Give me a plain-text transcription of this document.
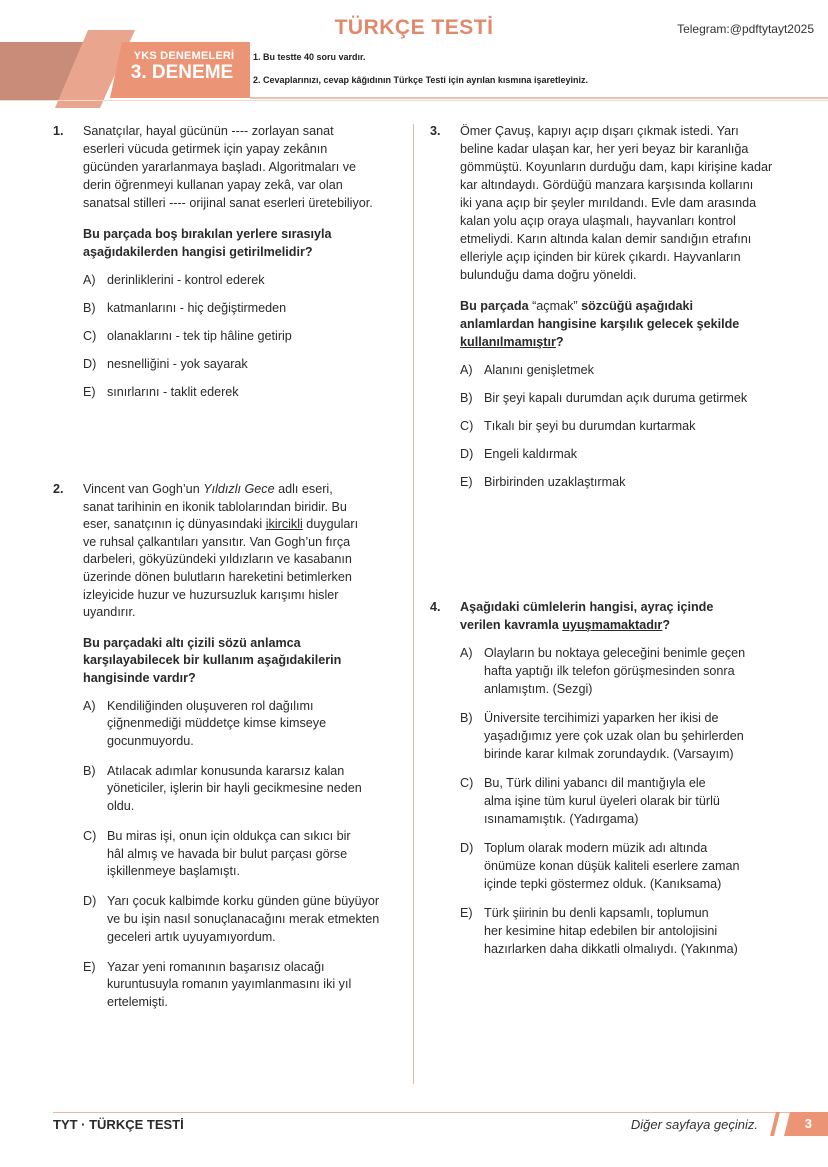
TÜRKÇE TESTİ	Telegram:@pdftytayt2025
YKS DENEMELERİ
3. DENEME
1. Bu testte 40 soru vardır.
2. Cevaplarınızı, cevap kâğıdının Türkçe Testi için ayrılan kısmına işaretleyiniz.
1. Sanatçılar, hayal gücünün ---- zorlayan sanat
eserleri vücuda getirmek için yapay zekânın
gücünden yararlanmaya başladı. Algoritmaları ve
derin öğrenmeyi kullanan yapay zekâ, var olan
sanatsal stilleri ---- orijinal sanat eserleri üretebiliyor.
Bu parçada boş bırakılan yerlere sırasıyla
aşağıdakilerden hangisi getirilmelidir?
A) derinliklerini - kontrol ederek
B) katmanlarını - hiç değiştirmeden
C) olanaklarını - tek tip hâline getirip
D) nesnelliğini - yok sayarak
E) sınırlarını - taklit ederek
2. Vincent van Gogh’un Yıldızlı Gece adlı eseri,
sanat tarihinin en ikonik tablolarından biridir. Bu
eser, sanatçının iç dünyasındaki ikircikli duyguları
ve ruhsal çalkantıları yansıtır. Van Gogh’un fırça
darbeleri, gökyüzündeki yıldızların ve kasabanın
üzerinde dönen bulutların hareketini betimlerken
izleyicide huzur ve huzursuzluk karışımı hisler
uyandırır.
Bu parçadaki altı çizili sözü anlamca
karşılayabilecek bir kullanım aşağıdakilerin
hangisinde vardır?
A) Kendiliğinden oluşuveren rol dağılımı
çiğnenmediği müddetçe kimse kimseye
gocunmuyordu.
B) Atılacak adımlar konusunda kararsız kalan
yöneticiler, işlerin bir hayli gecikmesine neden
oldu.
C) Bu miras işi, onun için oldukça can sıkıcı bir
hâl almış ve havada bir bulut parçası görse
işkillenmeye başlamıştı.
D) Yarı çocuk kalbimde korku günden güne büyüyor
ve bu işin nasıl sonuçlanacağını merak etmekten
geceleri artık uyuyamıyordum.
E) Yazar yeni romanının başarısız olacağı
kuruntusuyla romanın yayımlanmasını iki yıl
ertelemişti.
3. Ömer Çavuş, kapıyı açıp dışarı çıkmak istedi. Yarı
beline kadar ulaşan kar, her yeri beyaz bir karanlığa
gömmüştü. Koyunların durduğu dam, kapı kirişine kadar
kar altındaydı. Gördüğü manzara karşısında kollarını
iki yana açıp bir şeyler mırıldandı. Evle dam arasında
kalan yolu açıp oraya ulaşmalı, hayvanları kontrol
etmeliydi. Karın altında kalan demir sandığın etrafını
elleriyle açıp içinden bir kürek çıkardı. Hayvanların
bulunduğu dama doğru yöneldi.
Bu parçada “açmak” sözcüğü aşağıdaki
anlamlardan hangisine karşılık gelecek şekilde
kullanılmamıştır?
A) Alanını genişletmek
B) Bir şeyi kapalı durumdan açık duruma getirmek
C) Tıkalı bir şeyi bu durumdan kurtarmak
D) Engeli kaldırmak
E) Birbirinden uzaklaştırmak
4. Aşağıdaki cümlelerin hangisi, ayraç içinde
verilen kavramla uyuşmamaktadır?
A) Olayların bu noktaya geleceğini benimle geçen
hafta yaptığı ilk telefon görüşmesinden sonra
anlamıştım. (Sezgi)
B) Üniversite tercihimizi yaparken her ikisi de
yaşadığımız yere çok uzak olan bu şehirlerden
birinde karar kılmak zorundaydık. (Varsayım)
C) Bu, Türk dilini yabancı dil mantığıyla ele
alma işine tüm kurul üyeleri olarak bir türlü
ısınamamıştık. (Yadırgama)
D) Toplum olarak modern müzik adı altında
önümüze konan düşük kaliteli eserlere zaman
içinde tepki göstermez olduk. (Kanıksama)
E) Türk şiirinin bu denli kapsamlı, toplumun
her kesimine hitap edebilen bir antolojisini
hazırlarken daha dikkatli olmalıydı. (Yakınma)
TYT · TÜRKÇE TESTİ	Diğer sayfaya geçiniz.	3
